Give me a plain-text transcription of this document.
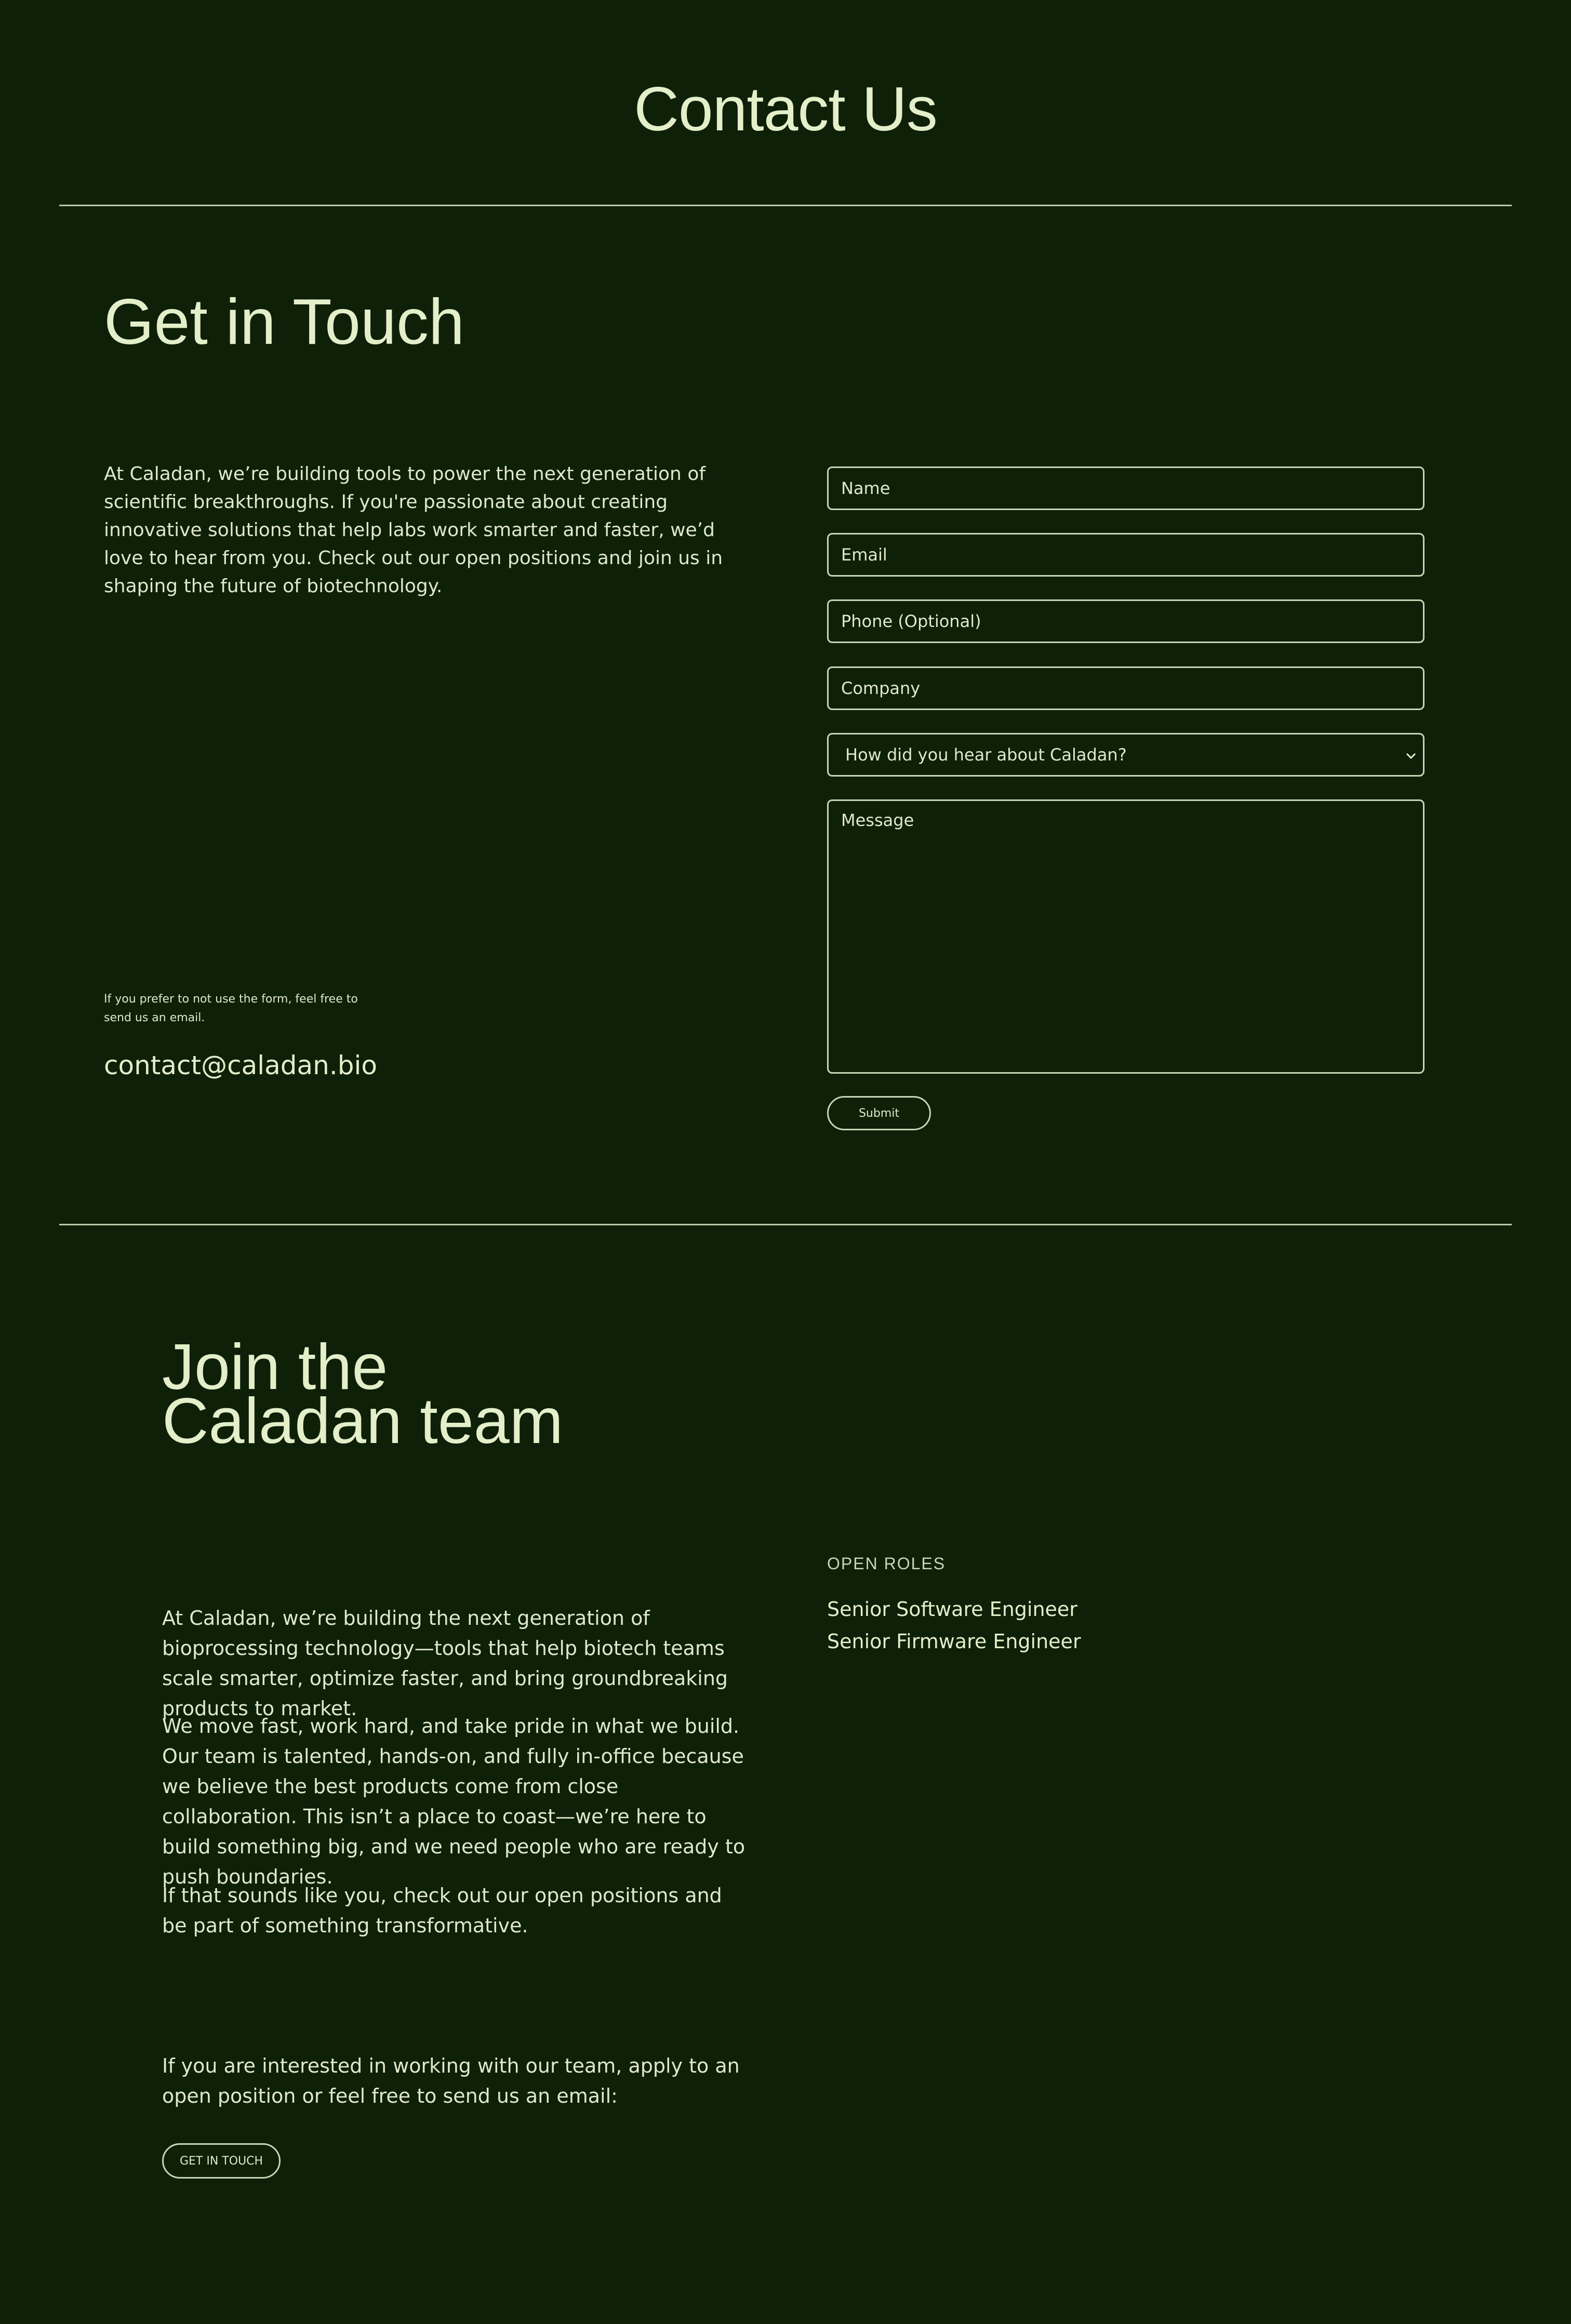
Contact Us
Get in Touch
At Caladan, we’re building tools to power the next generation of scientific breakthroughs. If you're passionate about creating innovative solutions that help labs work smarter and faster, we’d love to hear from you. Check out our open positions and join us in shaping the future of biotechnology.
If you prefer to not use the form, feel free to send us an email.
contact@caladan.bio
Name
Email
Phone (Optional)
Company
How did you hear about Caladan?
Message
Submit
Join the
Caladan team

At Caladan, we’re building the next generation of bioprocessing technology—tools that help biotech teams scale smarter, optimize faster, and bring groundbreaking products to market.

We move fast, work hard, and take pride in what we build. Our team is talented, hands-on, and fully in-office because we believe the best products come from close collaboration. This isn’t a place to coast—we’re here to build something big, and we need people who are ready to push boundaries.

If that sounds like you, check out our open positions and be part of something transformative.

If you are interested in working with our team, apply to an open position or feel free to send us an email:

GET IN TOUCH
OPEN ROLES
Senior Software Engineer
Senior Firmware Engineer
